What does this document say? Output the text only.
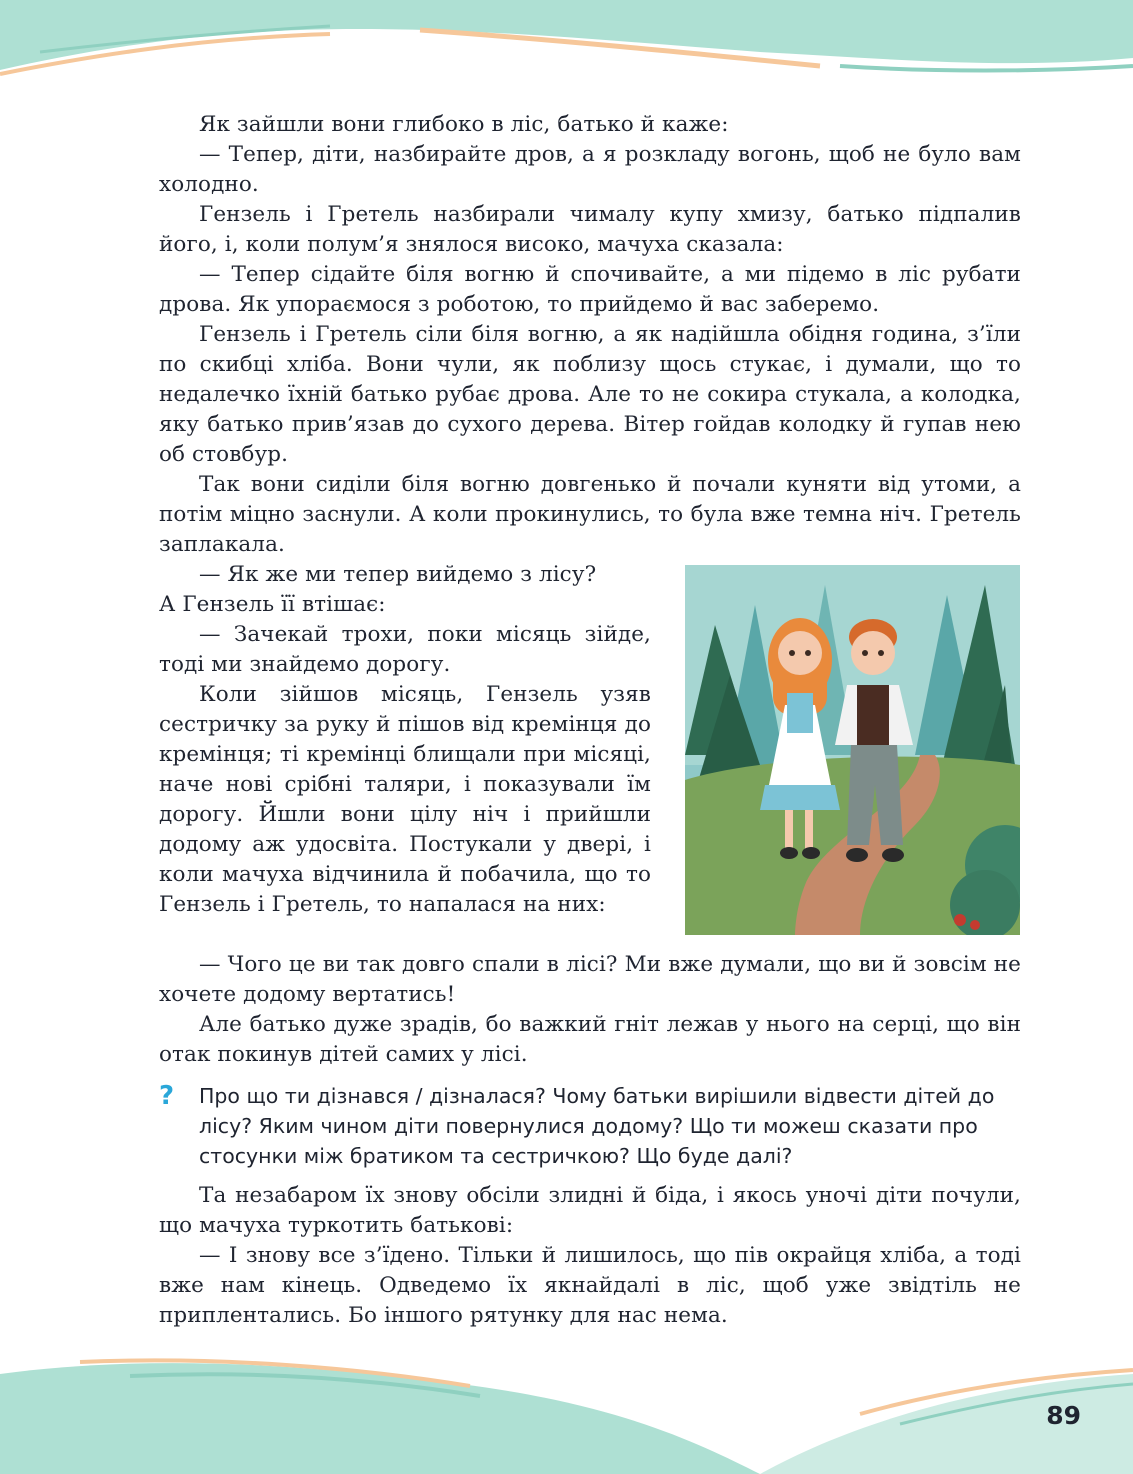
Як зайшли вони глибоко в ліс, батько й каже:

— Тепер, діти, назбирайте дров, а я розкладу вогонь, щоб не було вам холодно.

Гензель і Гретель назбирали чималу купу хмизу, батько підпалив його, і, коли полум’я знялося високо, мачуха сказала:

— Тепер сідайте біля вогню й спочивайте, а ми підемо в ліс рубати дрова. Як упораємося з роботою, то прийдемо й вас заберемо.

Гензель і Гретель сіли біля вогню, а як надійшла обідня година, з’їли по скибці хліба. Вони чули, як поблизу щось стукає, і думали, що то недалечко їхній батько рубає дрова. Але то не сокира стукала, а колодка, яку батько прив’язав до сухого дерева. Вітер гойдав колодку й гупав нею об стовбур.

Так вони сиділи біля вогню довгенько й почали куняти від утоми, а потім міцно заснули. А коли прокинулись, то була вже темна ніч. Гретель заплакала.

— Як же ми тепер вийдемо з лісу?

А Гензель її втішає:

— Зачекай трохи, поки місяць зійде, тоді ми знайдемо дорогу.

Коли зійшов місяць, Гензель узяв сестричку за руку й пішов від кремінця до кремінця; ті кремінці блищали при місяці, наче нові срібні таляри, і показували їм дорогу. Йшли вони цілу ніч і прийшли додому аж удосвіта. Постукали у двері, і коли мачуха відчинила й побачила, що то Гензель і Гретель, то напалася на них:

— Чого це ви так довго спали в лісі? Ми вже думали, що ви й зовсім не хочете додому вертатись!

Але батько дуже зрадів, бо важкий гніт лежав у нього на серці, що він отак покинув дітей самих у лісі.

? Про що ти дізнався / дізналася? Чому батьки вирішили відвести дітей до лісу? Яким чином діти повернулися додому? Що ти можеш сказати про стосунки між братиком та сестричкою? Що буде далі?

Та незабаром їх знову обсіли злидні й біда, і якось уночі діти почули, що мачуха туркотить батькові:

— І знову все з’їдено. Тільки й лишилось, що пів окрайця хліба, а тоді вже нам кінець. Одведемо їх якнайдалі в ліс, щоб уже звідтіль не приплентались. Бо іншого рятунку для нас нема.

89
